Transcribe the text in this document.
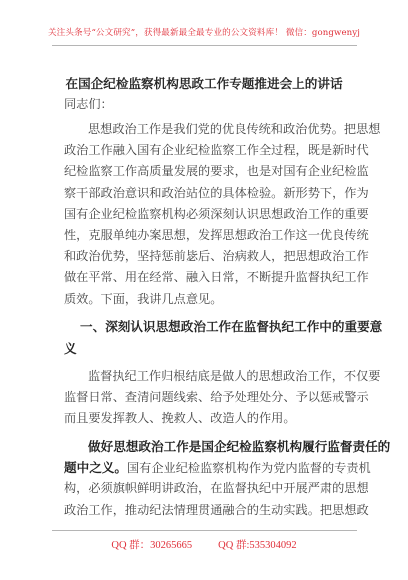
关注头条号“公文研究”，获得最新最全最专业的公文资料库！ 微信：gongwenyj
在国企纪检监察机构思政工作专题推进会上的讲话
同志们：
思想政治工作是我们党的优良传统和政治优势。把思想
政治工作融入国有企业纪检监察工作全过程，既是新时代
纪检监察工作高质量发展的要求，也是对国有企业纪检监
察干部政治意识和政治站位的具体检验。新形势下，作为
国有企业纪检监察机构必须深刻认识思想政治工作的重要
性，克服单纯办案思想，发挥思想政治工作这一优良传统
和政治优势，坚持惩前毖后、治病救人，把思想政治工作
做在平常、用在经常、融入日常，不断提升监督执纪工作
质效。下面，我讲几点意见。
一、深刻认识思想政治工作在监督执纪工作中的重要意
义
监督执纪工作归根结底是做人的思想政治工作，不仅要
监督日常、查清问题线索、给予处理处分、予以惩戒警示
而且要发挥教人、挽救人、改造人的作用。
做好思想政治工作是国企纪检监察机构履行监督责任的
题中之义。国有企业纪检监察机构作为党内监督的专责机
构，必须旗帜鲜明讲政治，在监督执纪中开展严肃的思想
政治工作，推动纪法情理贯通融合的生动实践。把思想政
QQ 群：30265665 QQ 群:535304092
